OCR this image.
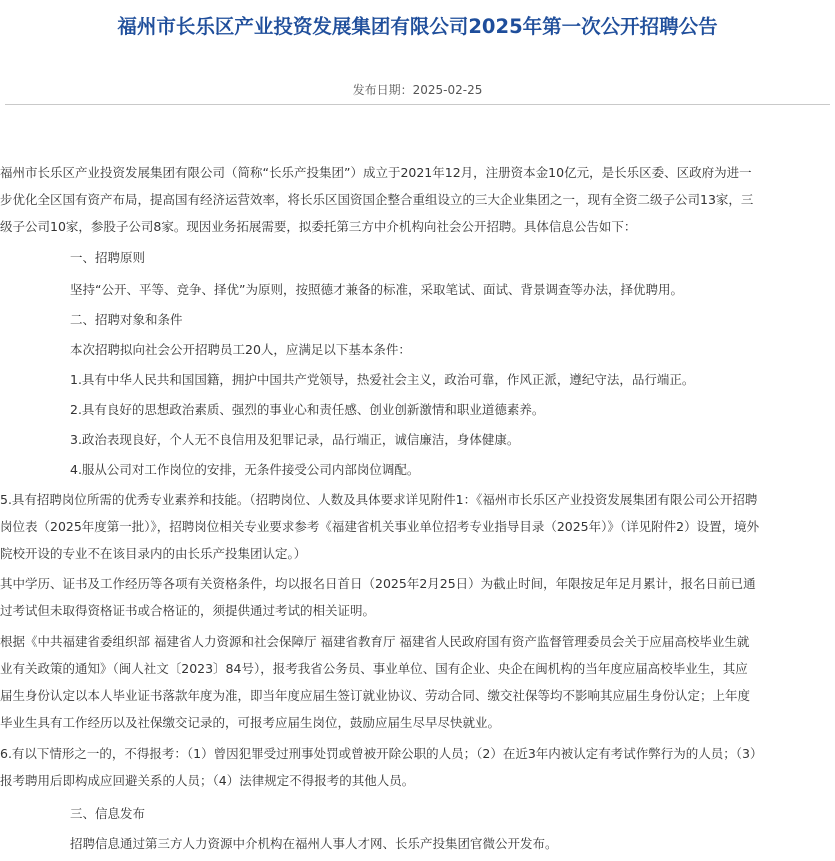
福州市长乐区产业投资发展集团有限公司2025年第一次公开招聘公告
发布日期：2025-02-25
福州市长乐区产业投资发展集团有限公司（简称“长乐产投集团”）成立于2021年12月，注册资本金10亿元，是长乐区委、区政府为进一步优化全区国有资产布局，提高国有经济运营效率，将长乐区国资国企整合重组设立的三大企业集团之一，现有全资二级子公司13家，三级子公司10家，参股子公司8家。现因业务拓展需要，拟委托第三方中介机构向社会公开招聘。具体信息公告如下：
一、招聘原则
坚持“公开、平等、竞争、择优”为原则，按照德才兼备的标准，采取笔试、面试、背景调查等办法，择优聘用。
二、招聘对象和条件
本次招聘拟向社会公开招聘员工20人，应满足以下基本条件：
1.具有中华人民共和国国籍，拥护中国共产党领导，热爱社会主义，政治可靠，作风正派，遵纪守法，品行端正。
2.具有良好的思想政治素质、强烈的事业心和责任感、创业创新激情和职业道德素养。
3.政治表现良好，个人无不良信用及犯罪记录，品行端正，诚信廉洁，身体健康。
4.服从公司对工作岗位的安排，无条件接受公司内部岗位调配。
5.具有招聘岗位所需的优秀专业素养和技能。（招聘岗位、人数及具体要求详见附件1：《福州市长乐区产业投资发展集团有限公司公开招聘岗位表（2025年度第一批）》，招聘岗位相关专业要求参考《福建省机关事业单位招考专业指导目录（2025年）》（详见附件2）设置，境外院校开设的专业不在该目录内的由长乐产投集团认定。）
其中学历、证书及工作经历等各项有关资格条件，均以报名日首日（2025年2月25日）为截止时间，年限按足年足月累计，报名日前已通过考试但未取得资格证书或合格证的，须提供通过考试的相关证明。
根据《中共福建省委组织部 福建省人力资源和社会保障厅 福建省教育厅 福建省人民政府国有资产监督管理委员会关于应届高校毕业生就业有关政策的通知》（闽人社文〔2023〕84号），报考我省公务员、事业单位、国有企业、央企在闽机构的当年度应届高校毕业生，其应届生身份认定以本人毕业证书落款年度为准，即当年度应届生签订就业协议、劳动合同、缴交社保等均不影响其应届生身份认定；上年度毕业生具有工作经历以及社保缴交记录的，可报考应届生岗位，鼓励应届生尽早尽快就业。
6.有以下情形之一的，不得报考：（1）曾因犯罪受过刑事处罚或曾被开除公职的人员；（2）在近3年内被认定有考试作弊行为的人员；（3）报考聘用后即构成应回避关系的人员；（4）法律规定不得报考的其他人员。
三、信息发布
招聘信息通过第三方人力资源中介机构在福州人事人才网、长乐产投集团官微公开发布。
